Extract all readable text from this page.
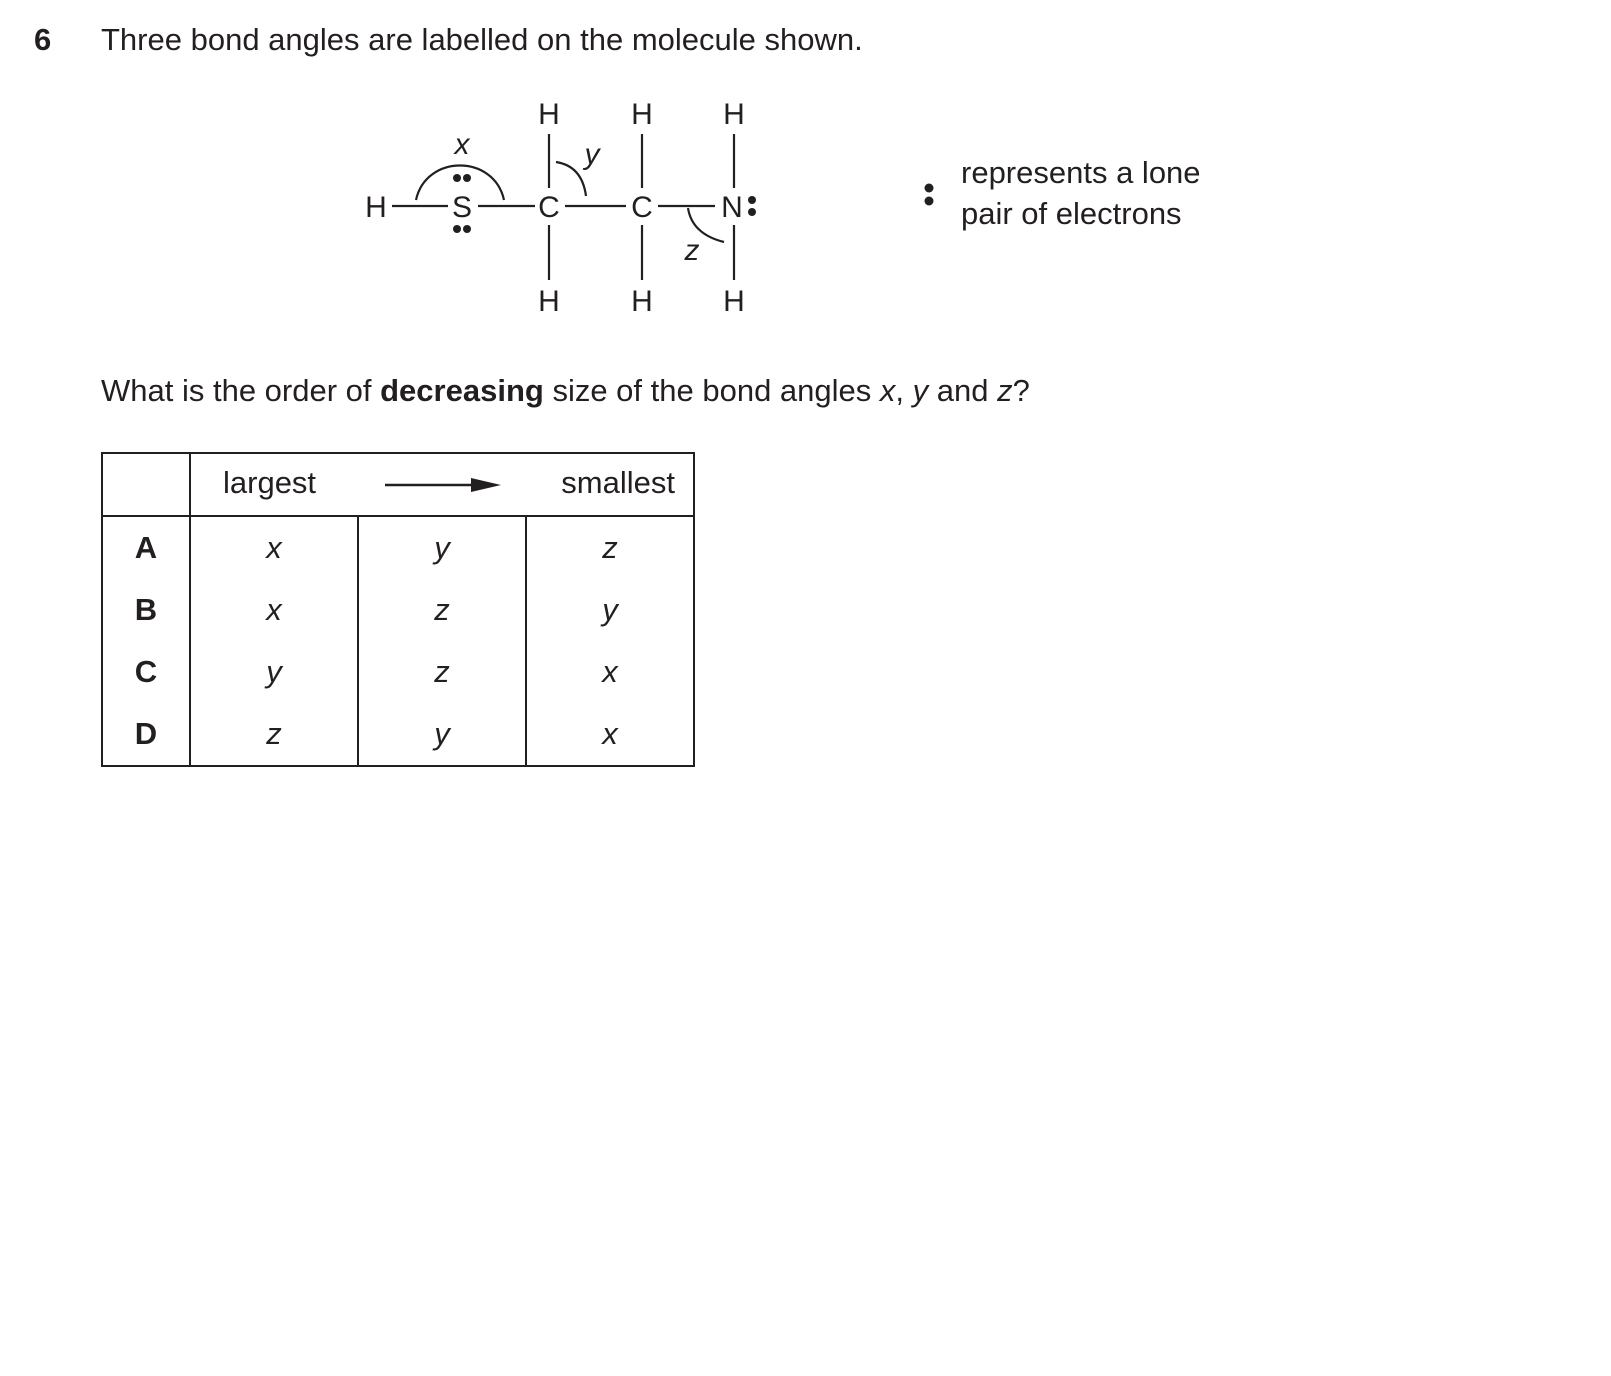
6 Three bond angles are labelled on the molecule shown.
H S C C N
H H H
H H H
x	y
z
represents a lone
pair of electrons
What is the order of decreasing size of the bond angles x, y and z?

	largest smallest		

A	x	y	z
B	x	z	y
C	y	z	x
D	z	y	x
